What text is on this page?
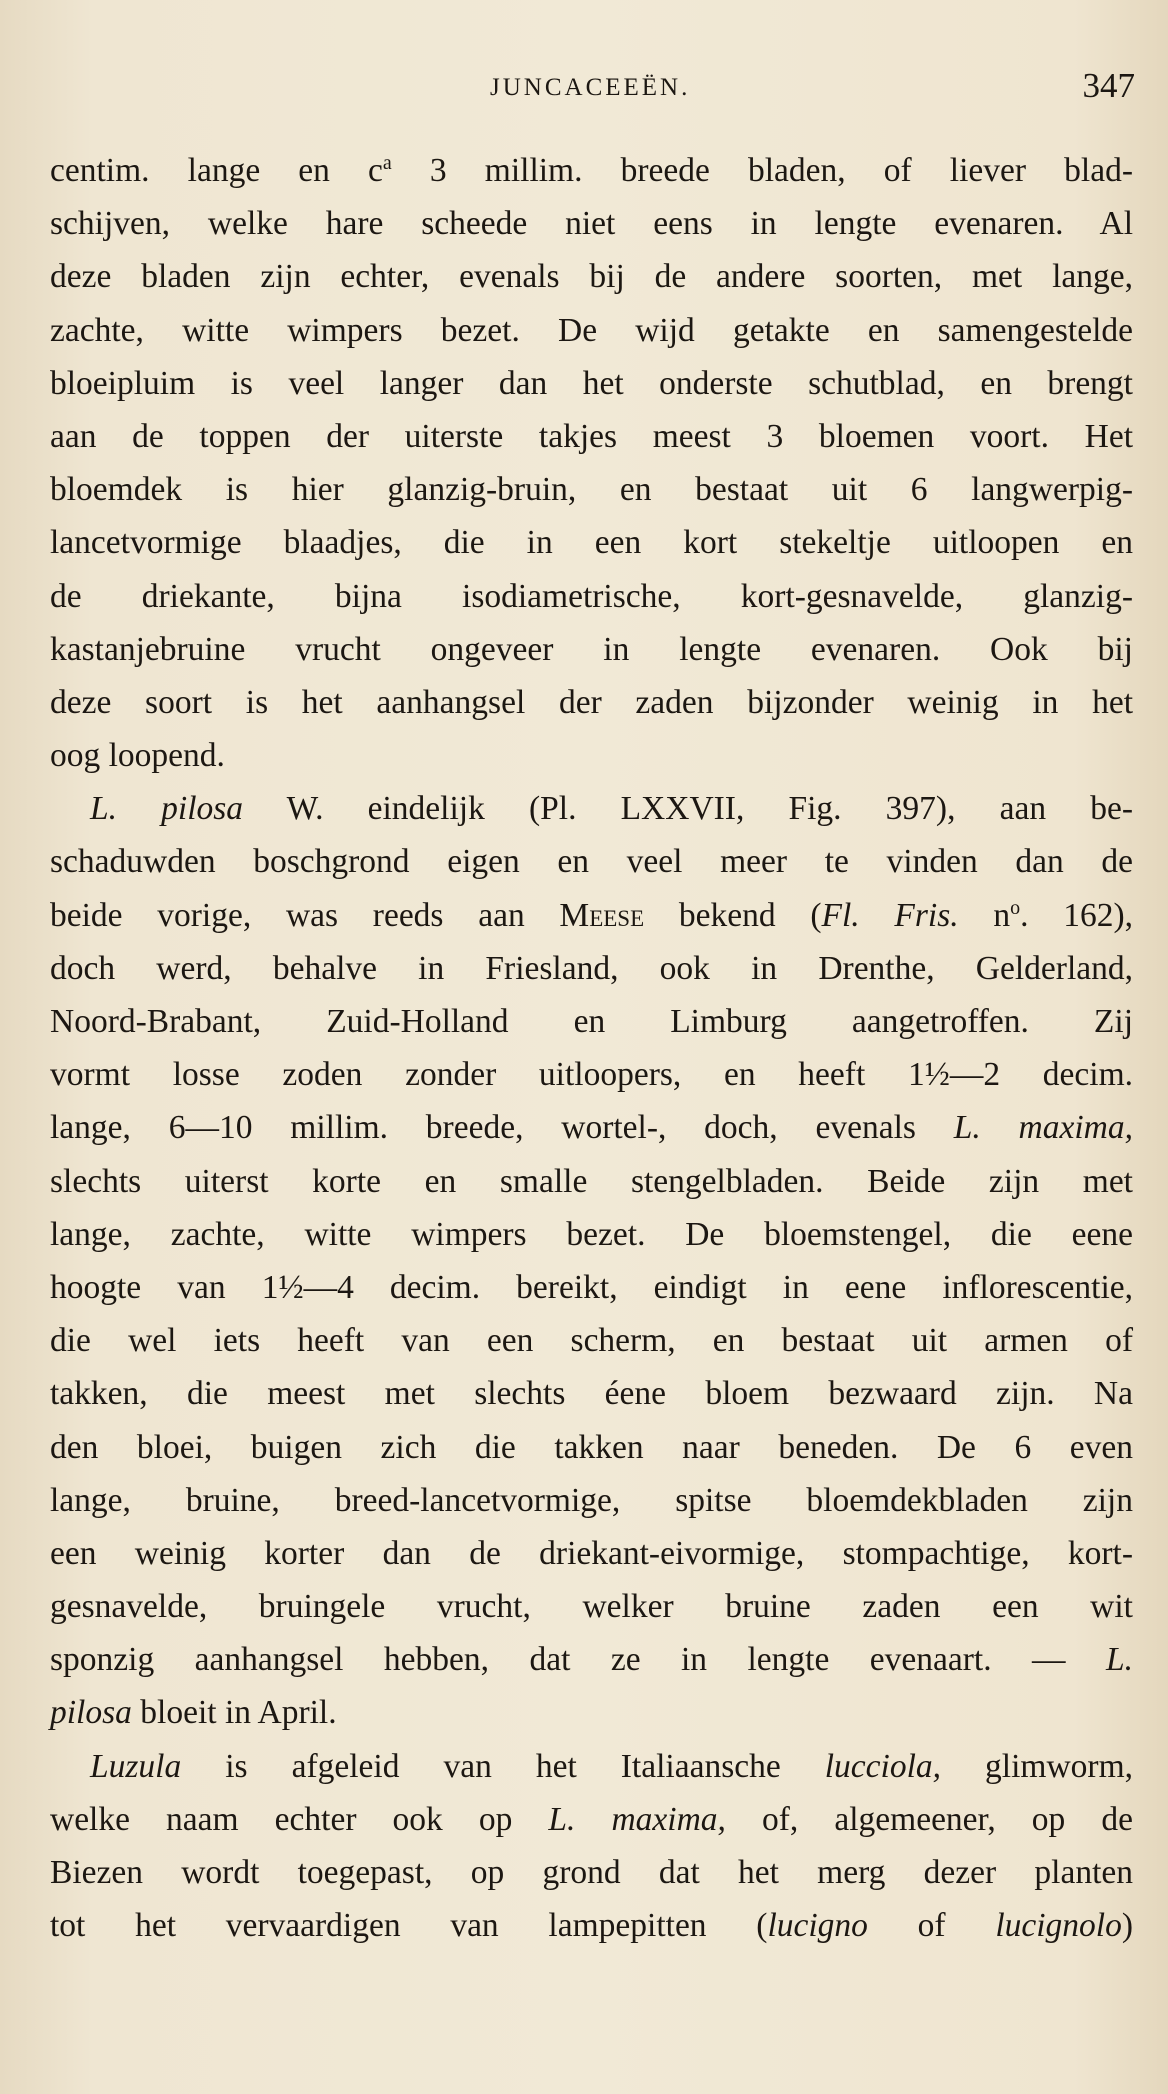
JUNCACEEËN.	347
centim. lange en $c^a$ 3 millim. breede bladen, of liever blad-
schijven, welke hare scheede niet eens in lengte evenaren. Al
deze bladen zijn echter, evenals bij de andere soorten, met lange,
zachte, witte wimpers bezet. De wijd getakte en samengestelde
bloeipluim is veel langer dan het onderste schutblad, en brengt
aan de toppen der uiterste takjes meest 3 bloemen voort. Het
bloemdek is hier glanzig-bruin, en bestaat uit 6 langwerpig-
lancetvormige blaadjes, die in een kort stekeltje uitloopen en
de driekante, bijna isodiametrische, kort-gesnavelde, glanzig-
kastanjebruine vrucht ongeveer in lengte evenaren. Ook bij
deze soort is het aanhangsel der zaden bijzonder weinig in het
oog loopend.
L. pilosa W. eindelijk (Pl. LXXVII, Fig. 397), aan be-
schaduwden boschgrond eigen en veel meer te vinden dan de
beide vorige, was reeds aan Meese bekend (Fl. Fris. $n^o$. 162),
doch werd, behalve in Friesland, ook in Drenthe, Gelderland,
Noord-Brabant, Zuid-Holland en Limburg aangetroffen. Zij
vormt losse zoden zonder uitloopers, en heeft 1½—2 decim.
lange, 6—10 millim. breede, wortel-, doch, evenals L. maxima,
slechts uiterst korte en smalle stengelbladen. Beide zijn met
lange, zachte, witte wimpers bezet. De bloemstengel, die eene
hoogte van 1½—4 decim. bereikt, eindigt in eene inflorescentie,
die wel iets heeft van een scherm, en bestaat uit armen of
takken, die meest met slechts éene bloem bezwaard zijn. Na
den bloei, buigen zich die takken naar beneden. De 6 even
lange, bruine, breed-lancetvormige, spitse bloemdekbladen zijn
een weinig korter dan de driekant-eivormige, stompachtige, kort-
gesnavelde, bruingele vrucht, welker bruine zaden een wit
sponzig aanhangsel hebben, dat ze in lengte evenaart. — L.
pilosa bloeit in April.
Luzula is afgeleid van het Italiaansche lucciola, glimworm,
welke naam echter ook op L. maxima, of, algemeener, op de
Biezen wordt toegepast, op grond dat het merg dezer planten
tot het vervaardigen van lampepitten (lucigno of lucignolo)
